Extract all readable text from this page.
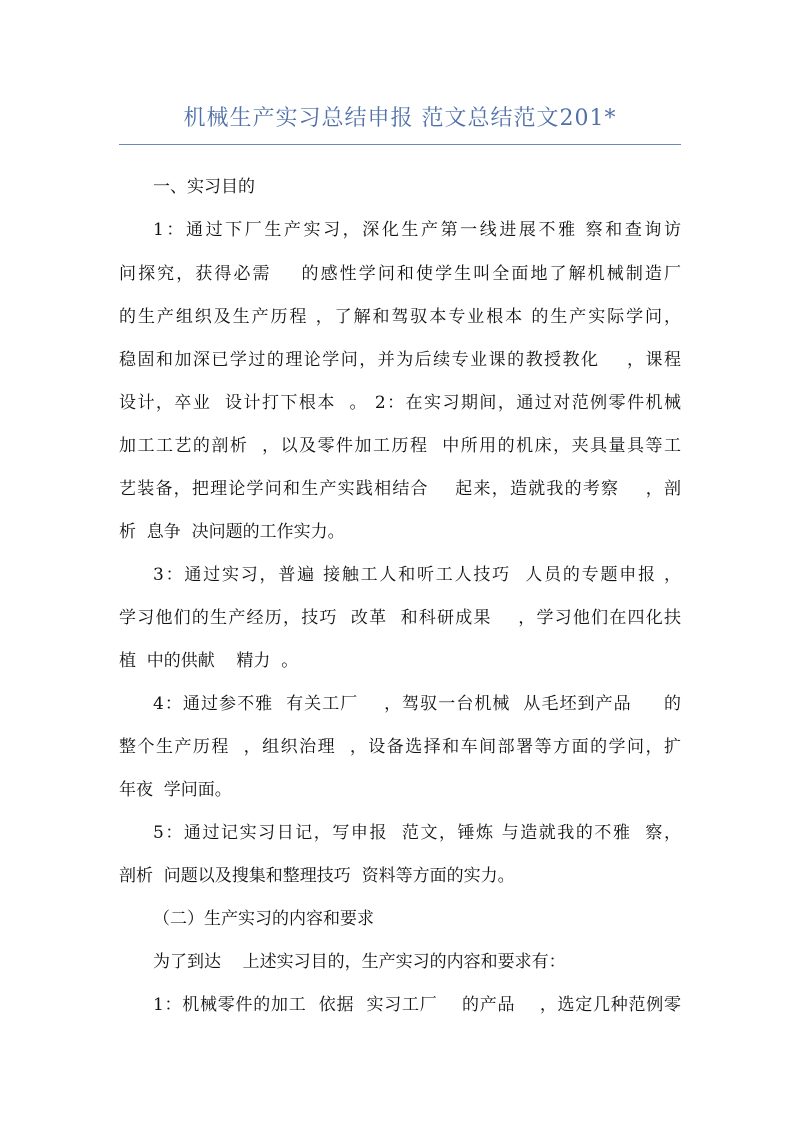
机械生产实习总结申报 范文总结范文201*
一、实习目的
1：通过下厂生产实习，深化生产第一线进展不雅 察和查询访
问探究，获得必需    的感性学问和使学生叫全面地了解机械制造厂
的生产组织及生产历程 ，了解和驾驭本专业根本 的生产实际学问，
稳固和加深已学过的理论学问，并为后续专业课的教授教化    ，课程
设计，卒业  设计打下根本  。 2：在实习期间，通过对范例零件机械
加工工艺的剖析  ，以及零件加工历程  中所用的机床，夹具量具等工
艺装备，把理论学问和生产实践相结合    起来，造就我的考察    ，剖
析  息争  决问题的工作实力。
3：通过实习，普遍 接触工人和听工人技巧  人员的专题申报 ，
学习他们的生产经历，技巧  改革  和科研成果    ，学习他们在四化扶
植  中的供献    精力  。
4：通过参不雅  有关工厂    ，驾驭一台机械  从毛坯到产品     的
整个生产历程  ，组织治理  ，设备选择和车间部署等方面的学问，扩
年夜  学问面。
5：通过记实习日记，写申报  范文，锤炼 与造就我的不雅  察，
剖析  问题以及搜集和整理技巧  资料等方面的实力。
（二）生产实习的内容和要求
为了到达    上述实习目的，生产实习的内容和要求有：
1：机械零件的加工  依据  实习工厂    的产品    ，选定几种范例零
